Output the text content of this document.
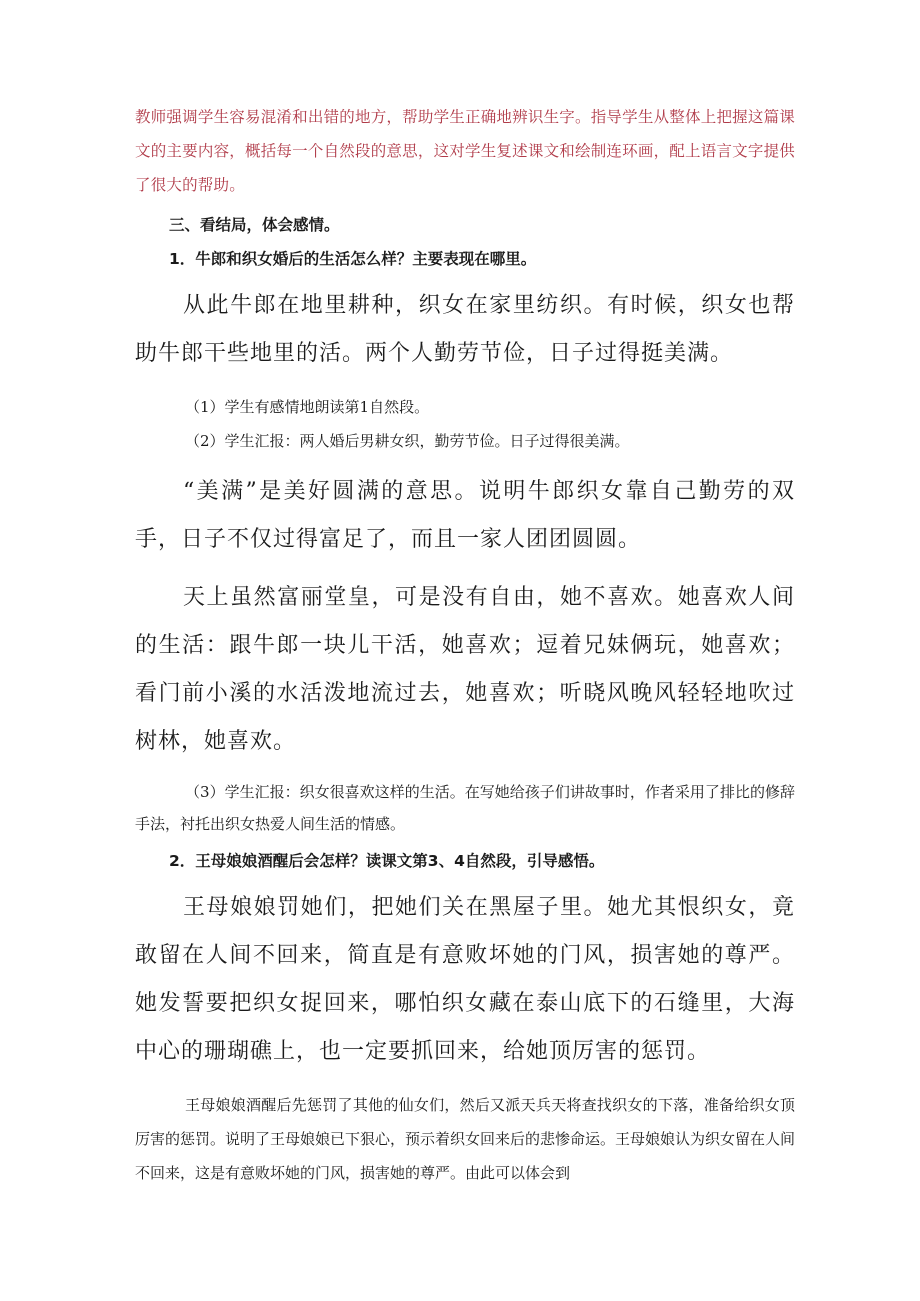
教师强调学生容易混淆和出错的地方，帮助学生正确地辨识生字。指导学生从整体上把握这篇课文的主要内容，概括每一个自然段的意思，这对学生复述课文和绘制连环画，配上语言文字提供了很大的帮助。

三、看结局，体会感情。

1．牛郎和织女婚后的生活怎么样？主要表现在哪里。

从此牛郎在地里耕种，织女在家里纺织。有时候，织女也帮助牛郎干些地里的活。两个人勤劳节俭，日子过得挺美满。

（1）学生有感情地朗读第1自然段。

（2）学生汇报：两人婚后男耕女织，勤劳节俭。日子过得很美满。

“美满”是美好圆满的意思。说明牛郎织女靠自己勤劳的双手，日子不仅过得富足了，而且一家人团团圆圆。

天上虽然富丽堂皇，可是没有自由，她不喜欢。她喜欢人间的生活：跟牛郎一块儿干活，她喜欢；逗着兄妹俩玩，她喜欢；看门前小溪的水活泼地流过去，她喜欢；听晓风晚风轻轻地吹过树林，她喜欢。

（3）学生汇报：织女很喜欢这样的生活。在写她给孩子们讲故事时，作者采用了排比的修辞手法，衬托出织女热爱人间生活的情感。

2．王母娘娘酒醒后会怎样？读课文第3、4自然段，引导感悟。

王母娘娘罚她们，把她们关在黑屋子里。她尤其恨织女，竟敢留在人间不回来，简直是有意败坏她的门风，损害她的尊严。她发誓要把织女捉回来，哪怕织女藏在泰山底下的石缝里，大海中心的珊瑚礁上，也一定要抓回来，给她顶厉害的惩罚。

王母娘娘酒醒后先惩罚了其他的仙女们，然后又派天兵天将查找织女的下落，准备给织女顶厉害的惩罚。说明了王母娘娘已下狠心，预示着织女回来后的悲惨命运。王母娘娘认为织女留在人间不回来，这是有意败坏她的门风，损害她的尊严。由此可以体会到
